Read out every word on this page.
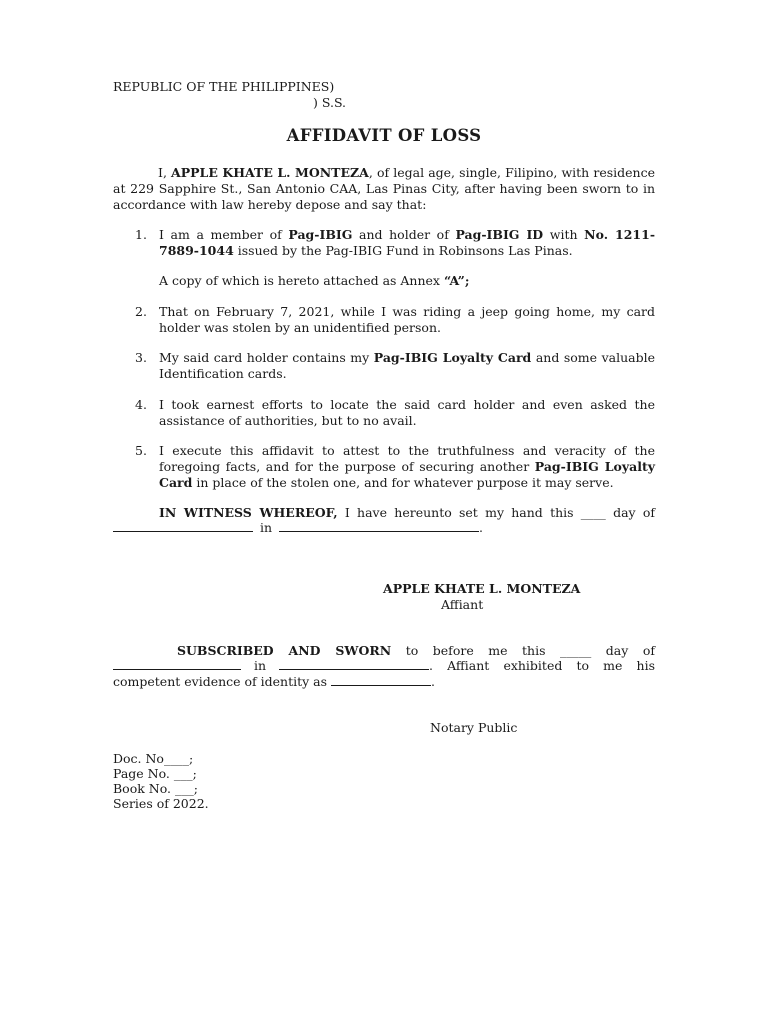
REPUBLIC OF THE PHILIPPINES)
) S.S.
AFFIDAVIT OF LOSS
I, APPLE KHATE L. MONTEZA, of legal age, single, Filipino, with residence at 229 Sapphire St., San Antonio CAA, Las Pinas City, after having been sworn to in accordance with law hereby depose and say that:
1. I am a member of Pag-IBIG and holder of Pag-IBIG ID with No. 1211-7889-1044 issued by the Pag-IBIG Fund in Robinsons Las Pinas.
A copy of which is hereto attached as Annex “A”;
2. That on February 7, 2021, while I was riding a jeep going home, my card holder was stolen by an unidentified person.
3. My said card holder contains my Pag-IBIG Loyalty Card and some valuable Identification cards.
4. I took earnest efforts to locate the said card holder and even asked the assistance of authorities, but to no avail.
5. I execute this affidavit to attest to the truthfulness and veracity of the foregoing facts, and for the purpose of securing another Pag-IBIG Loyalty Card in place of the stolen one, and for whatever purpose it may serve.
IN WITNESS WHEREOF, I have hereunto set my hand this ____ day of
in	.
APPLE KHATE L. MONTEZA
Affiant
SUBSCRIBED AND SWORN to before me this _____ day of
in	. Affiant exhibited to me his
competent evidence of identity as	.
Notary Public
Doc. No____;
Page No. ___;
Book No. ___;
Series of 2022.
